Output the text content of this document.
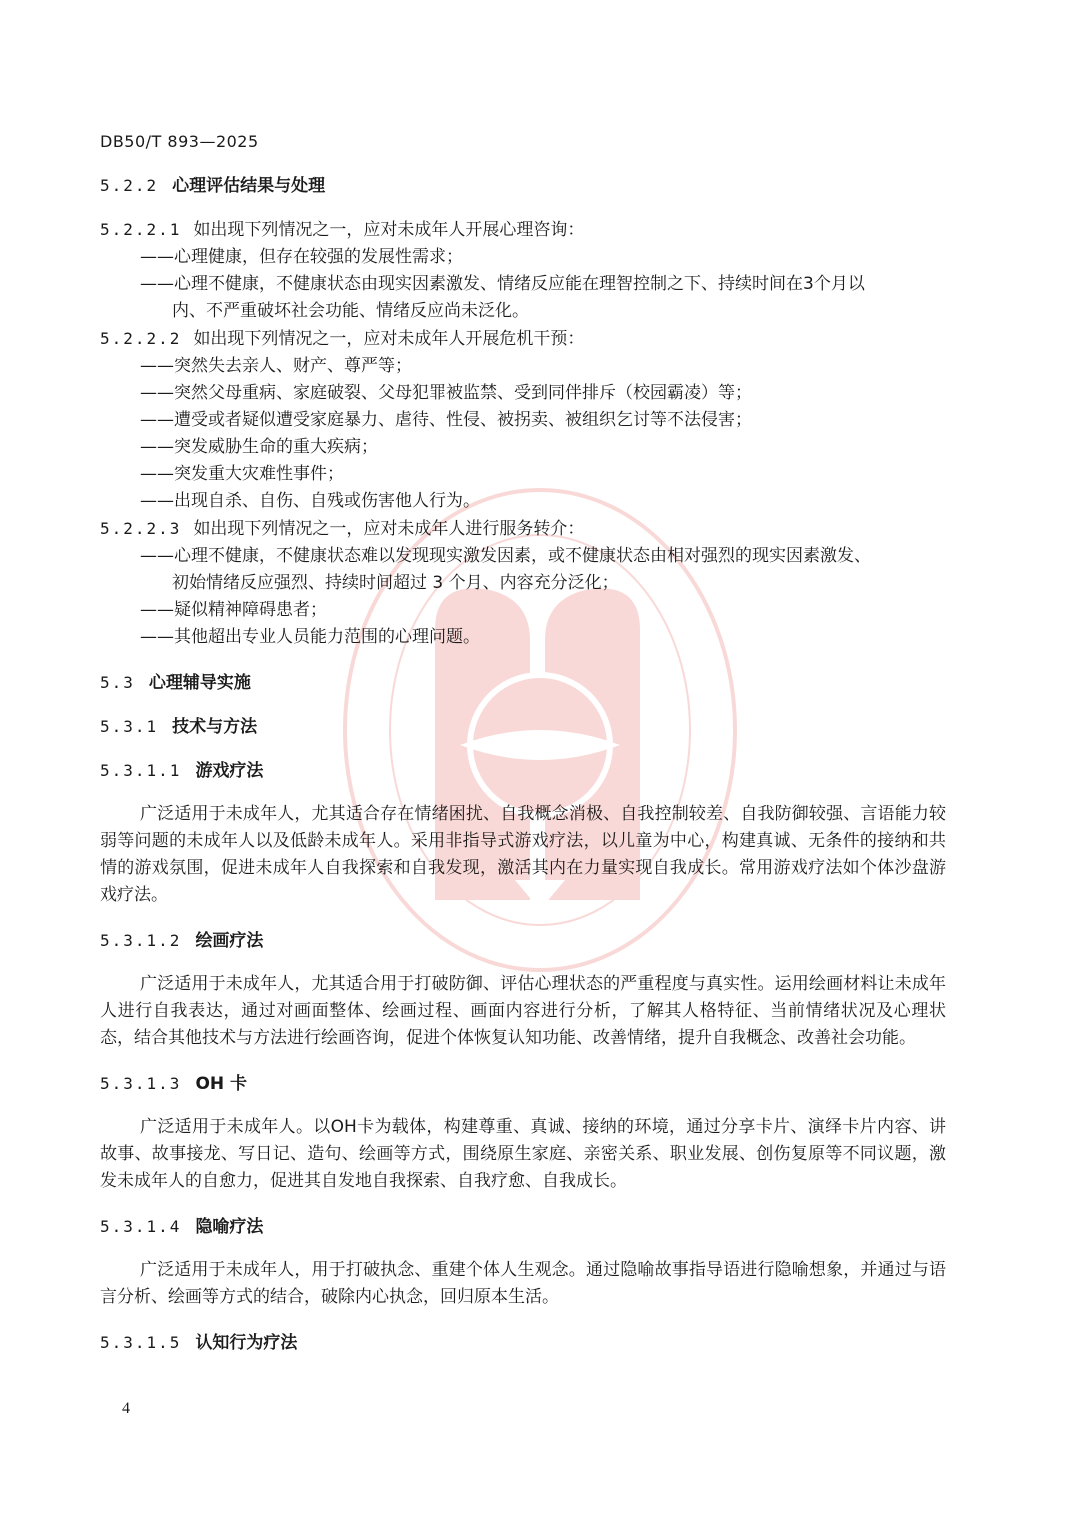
DB50/T 893—2025
5.2.2 心理评估结果与处理

5.2.2.1 如出现下列情况之一，应对未成年人开展心理咨询：

——心理健康，但存在较强的发展性需求；

——心理不健康，不健康状态由现实因素激发、情绪反应能在理智控制之下、持续时间在3个月以

内、不严重破坏社会功能、情绪反应尚未泛化。

5.2.2.2 如出现下列情况之一，应对未成年人开展危机干预：

——突然失去亲人、财产、尊严等；

——突然父母重病、家庭破裂、父母犯罪被监禁、受到同伴排斥（校园霸凌）等；

——遭受或者疑似遭受家庭暴力、虐待、性侵、被拐卖、被组织乞讨等不法侵害；

——突发威胁生命的重大疾病；

——突发重大灾难性事件；

——出现自杀、自伤、自残或伤害他人行为。

5.2.2.3 如出现下列情况之一，应对未成年人进行服务转介：

——心理不健康，不健康状态难以发现现实激发因素，或不健康状态由相对强烈的现实因素激发、

初始情绪反应强烈、持续时间超过 3 个月、内容充分泛化；

——疑似精神障碍患者；

——其他超出专业人员能力范围的心理问题。

5.3 心理辅导实施
5.3.1 技术与方法
5.3.1.1 游戏疗法

广泛适用于未成年人，尤其适合存在情绪困扰、自我概念消极、自我控制较差、自我防御较强、言语能力较弱等问题的未成年人以及低龄未成年人。采用非指导式游戏疗法，以儿童为中心，构建真诚、无条件的接纳和共情的游戏氛围，促进未成年人自我探索和自我发现，激活其内在力量实现自我成长。常用游戏疗法如个体沙盘游戏疗法。

5.3.1.2 绘画疗法

广泛适用于未成年人，尤其适合用于打破防御、评估心理状态的严重程度与真实性。运用绘画材料让未成年人进行自我表达，通过对画面整体、绘画过程、画面内容进行分析，了解其人格特征、当前情绪状况及心理状态，结合其他技术与方法进行绘画咨询，促进个体恢复认知功能、改善情绪，提升自我概念、改善社会功能。

5.3.1.3 OH 卡

广泛适用于未成年人。以OH卡为载体，构建尊重、真诚、接纳的环境，通过分享卡片、演绎卡片内容、讲故事、故事接龙、写日记、造句、绘画等方式，围绕原生家庭、亲密关系、职业发展、创伤复原等不同议题，激发未成年人的自愈力，促进其自发地自我探索、自我疗愈、自我成长。

5.3.1.4 隐喻疗法

广泛适用于未成年人，用于打破执念、重建个体人生观念。通过隐喻故事指导语进行隐喻想象，并通过与语言分析、绘画等方式的结合，破除内心执念，回归原本生活。

5.3.1.5 认知行为疗法
4
